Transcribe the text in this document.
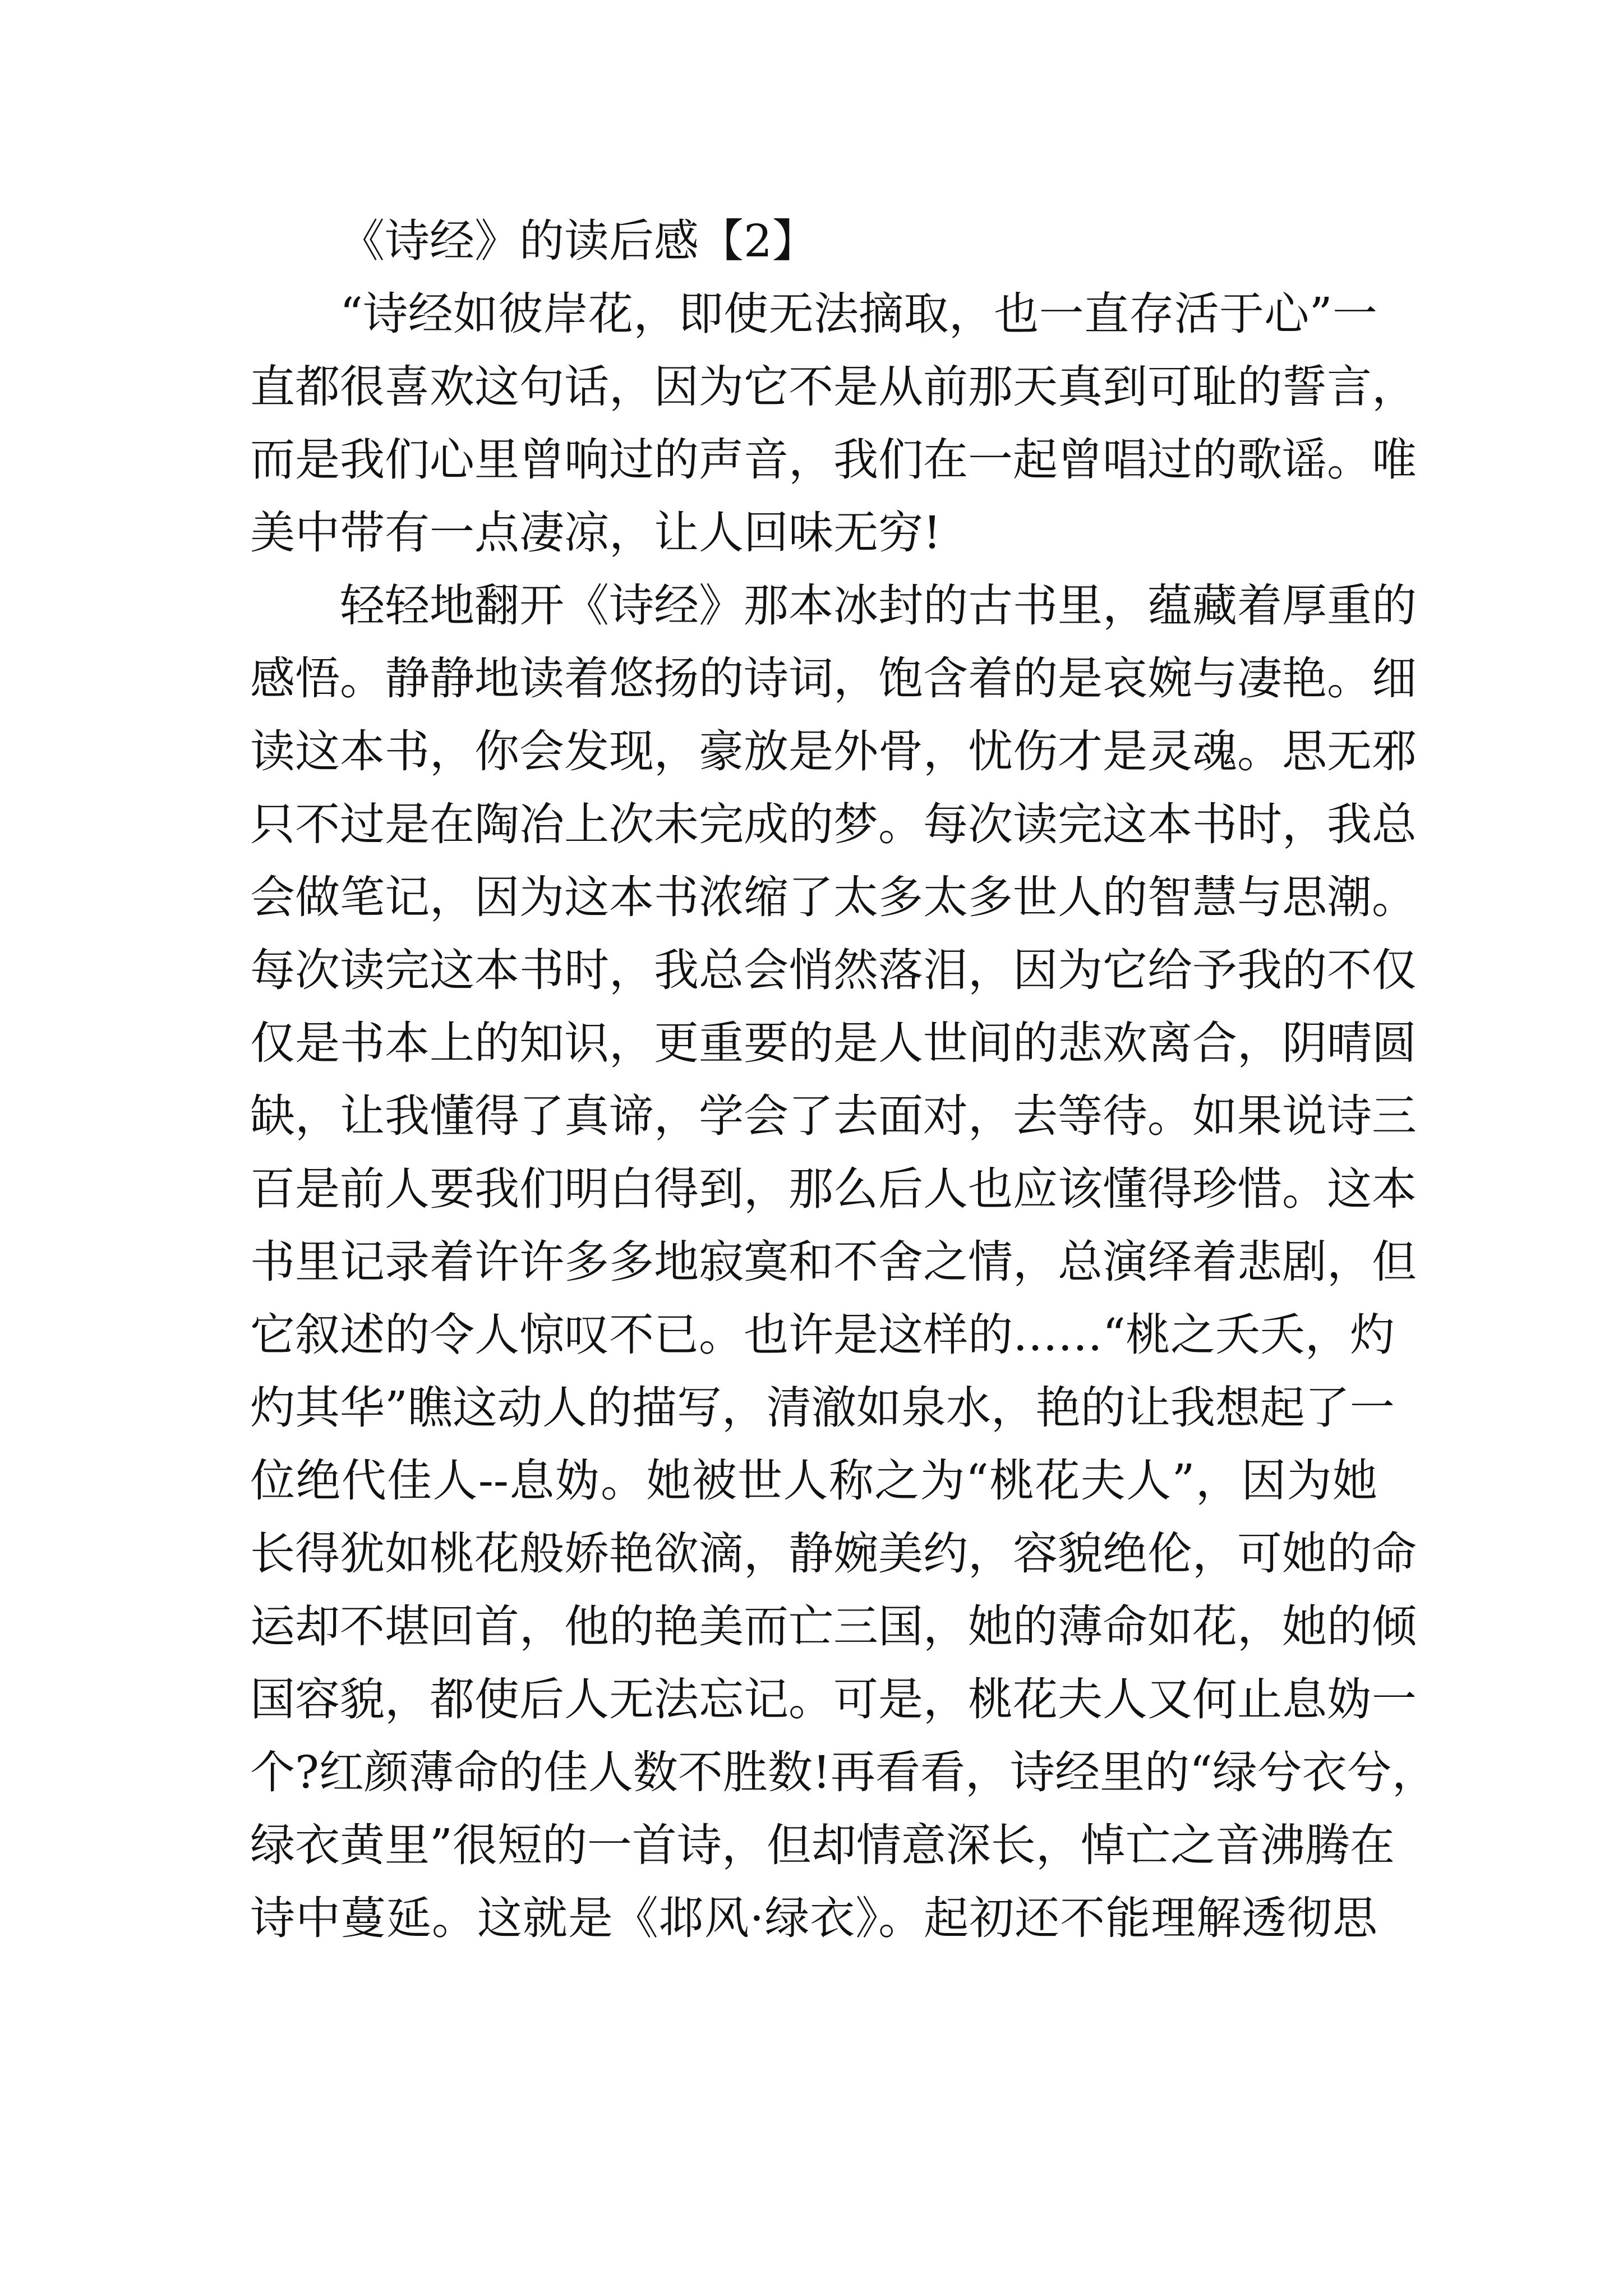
《诗经》的读后感【2】
“诗经如彼岸花，即使无法摘取，也一直存活于心”一
直都很喜欢这句话，因为它不是从前那天真到可耻的誓言，
而是我们心里曾响过的声音，我们在一起曾唱过的歌谣。唯
美中带有一点凄凉，让人回味无穷!
轻轻地翻开《诗经》那本冰封的古书里，蕴藏着厚重的
感悟。静静地读着悠扬的诗词，饱含着的是哀婉与凄艳。细
读这本书，你会发现，豪放是外骨，忧伤才是灵魂。思无邪
只不过是在陶冶上次未完成的梦。每次读完这本书时，我总
会做笔记，因为这本书浓缩了太多太多世人的智慧与思潮。
每次读完这本书时，我总会悄然落泪，因为它给予我的不仅
仅是书本上的知识，更重要的是人世间的悲欢离合，阴晴圆
缺，让我懂得了真谛，学会了去面对，去等待。如果说诗三
百是前人要我们明白得到，那么后人也应该懂得珍惜。这本
书里记录着许许多多地寂寞和不舍之情，总演绎着悲剧，但
它叙述的令人惊叹不已。也许是这样的……“桃之夭夭，灼
灼其华”瞧这动人的描写，清澈如泉水，艳的让我想起了一
位绝代佳人--息妫。她被世人称之为“桃花夫人”，因为她
长得犹如桃花般娇艳欲滴，静婉美约，容貌绝伦，可她的命
运却不堪回首，他的艳美而亡三国，她的薄命如花，她的倾
国容貌，都使后人无法忘记。可是，桃花夫人又何止息妫一
个?红颜薄命的佳人数不胜数!再看看，诗经里的“绿兮衣兮，
绿衣黄里”很短的一首诗，但却情意深长，悼亡之音沸腾在
诗中蔓延。这就是《邶风·绿衣》。起初还不能理解透彻思
